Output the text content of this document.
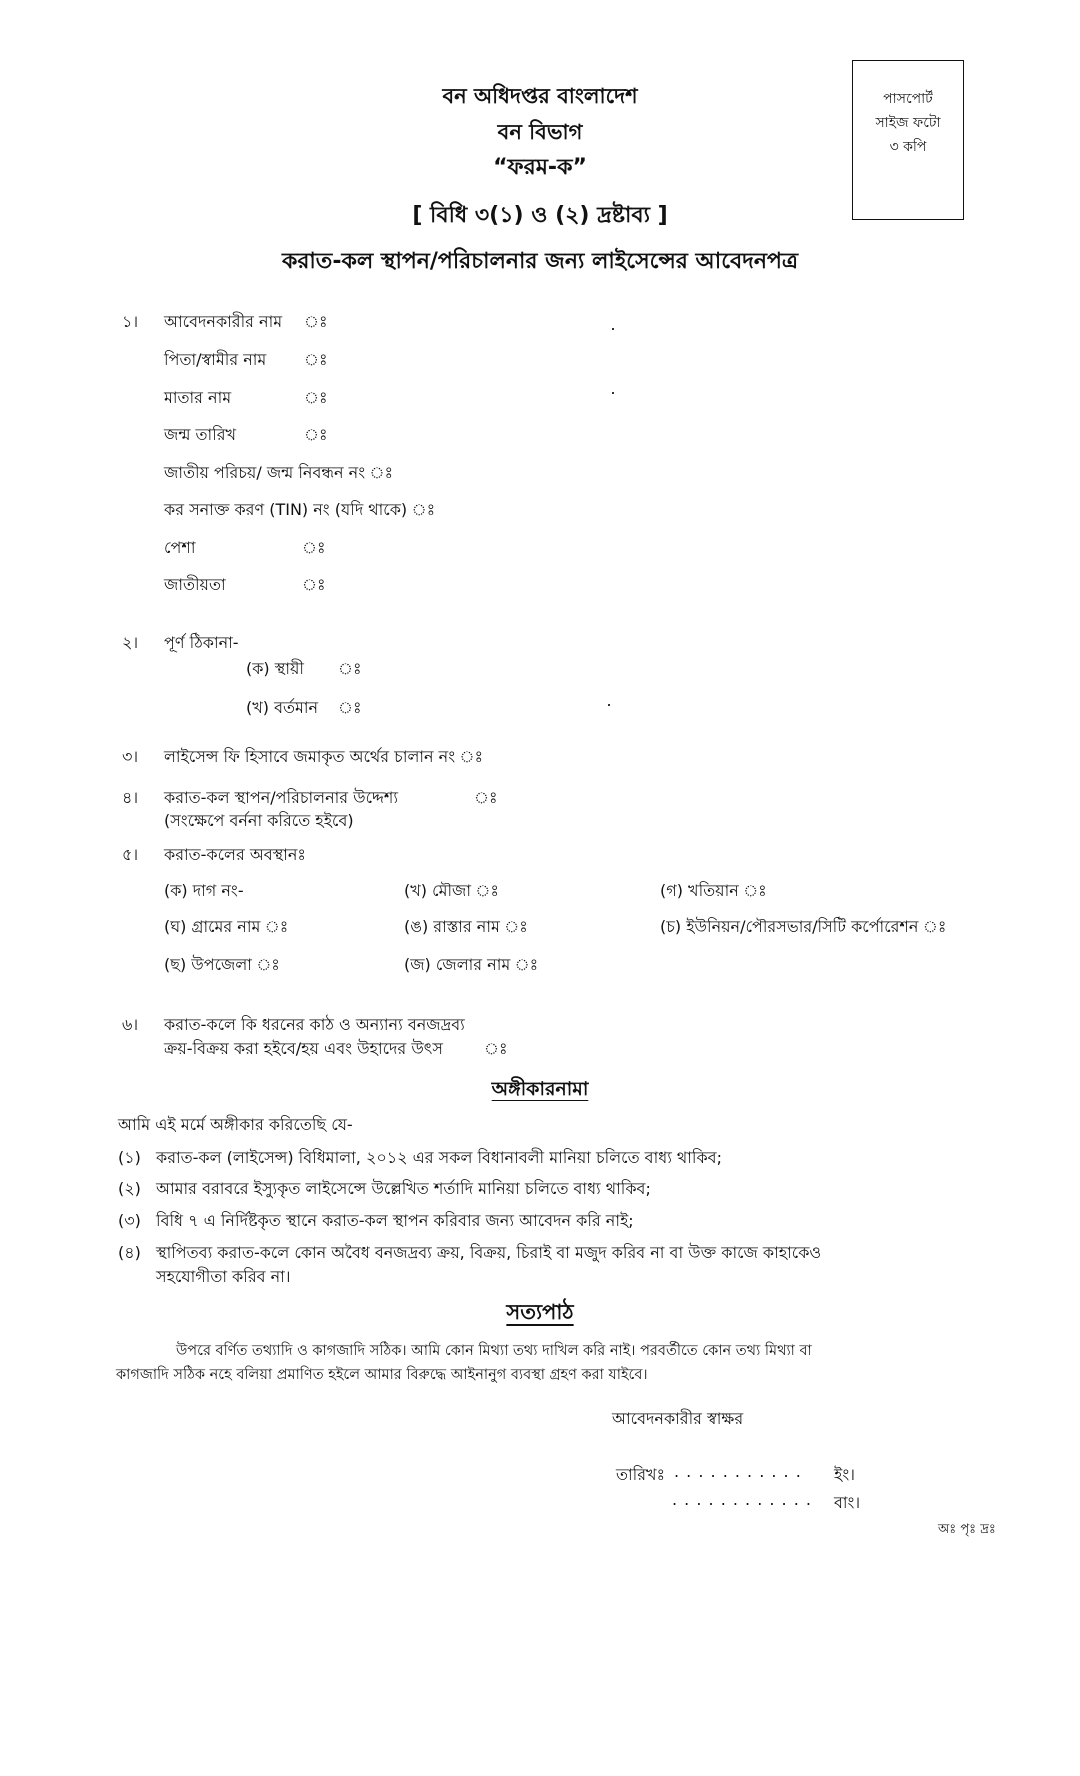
বন অধিদপ্তর বাংলাদেশ
বন বিভাগ
“ফরম-ক”
[ বিধি ৩(১) ও (২) দ্রষ্টাব্য ]
করাত-কল স্থাপন/পরিচালনার জন্য লাইসেন্সের আবেদনপত্র
পাসপোর্ট
সাইজ ফটো
৩ কপি
১। আবেদনকারীর নাম ঃ
পিতা/স্বামীর নাম ঃ
মাতার নাম	ঃ
জন্ম তারিখ	ঃ
জাতীয় পরিচয়/ জন্ম নিবন্ধন নং ঃ
কর সনাক্ত করণ (TIN) নং (যদি থাকে) ঃ
পেশা	ঃ
জাতীয়তা	ঃ
২। পূর্ণ ঠিকানা-
(ক) স্থায়ী ঃ
(খ) বর্তমান ঃ
৩। লাইসেন্স ফি হিসাবে জমাকৃত অর্থের চালান নং ঃ
৪। করাত-কল স্থাপন/পরিচালনার উদ্দেশ্য	ঃ
(সংক্ষেপে বর্ননা করিতে হইবে)
৫। করাত-কলের অবস্থানঃ
(ক) দাগ নং-	(খ) মৌজা ঃ	(গ) খতিয়ান ঃ
(ঘ) গ্রামের নাম ঃ	(ঙ) রাস্তার নাম ঃ	(চ) ইউনিয়ন/পৌরসভার/সিটি কর্পোরেশন ঃ
(ছ) উপজেলা ঃ	(জ) জেলার নাম ঃ
৬। করাত-কলে কি ধরনের কাঠ ও অন্যান্য বনজদ্রব্য
ক্রয়-বিক্রয় করা হইবে/হয় এবং উহাদের উৎস	ঃ
অঙ্গীকারনামা
আমি এই মর্মে অঙ্গীকার করিতেছি যে-
(১) করাত-কল (লাইসেন্স) বিধিমালা, ২০১২ এর সকল বিধানাবলী মানিয়া চলিতে বাধ্য থাকিব;
(২) আমার বরাবরে ইস্যুকৃত লাইসেন্সে উল্লেখিত শর্তাদি মানিয়া চলিতে বাধ্য থাকিব;
(৩) বিধি ৭ এ নির্দিষ্টকৃত স্থানে করাত-কল স্থাপন করিবার জন্য আবেদন করি নাই;
(৪) স্থাপিতব্য করাত-কলে কোন অবৈধ বনজদ্রব্য ক্রয়, বিক্রয়, চিরাই বা মজুদ করিব না বা উক্ত কাজে কাহাকেও
সহযোগীতা করিব না।
সত্যপাঠ
উপরে বর্ণিত তথ্যাদি ও কাগজাদি সঠিক। আমি কোন মিথ্যা তথ্য দাখিল করি নাই। পরবর্তীতে কোন তথ্য মিথ্যা বা
কাগজাদি সঠিক নহে বলিয়া প্রমাণিত হইলে আমার বিরুদ্ধে আইনানুগ ব্যবস্থা গ্রহণ করা যাইবে।
আবেদনকারীর স্বাক্ষর
তারিখঃ . . . . . . . . . . . ইং।
. . . . . . . . . . . . বাং।
অঃ পৃঃ দ্রঃ
